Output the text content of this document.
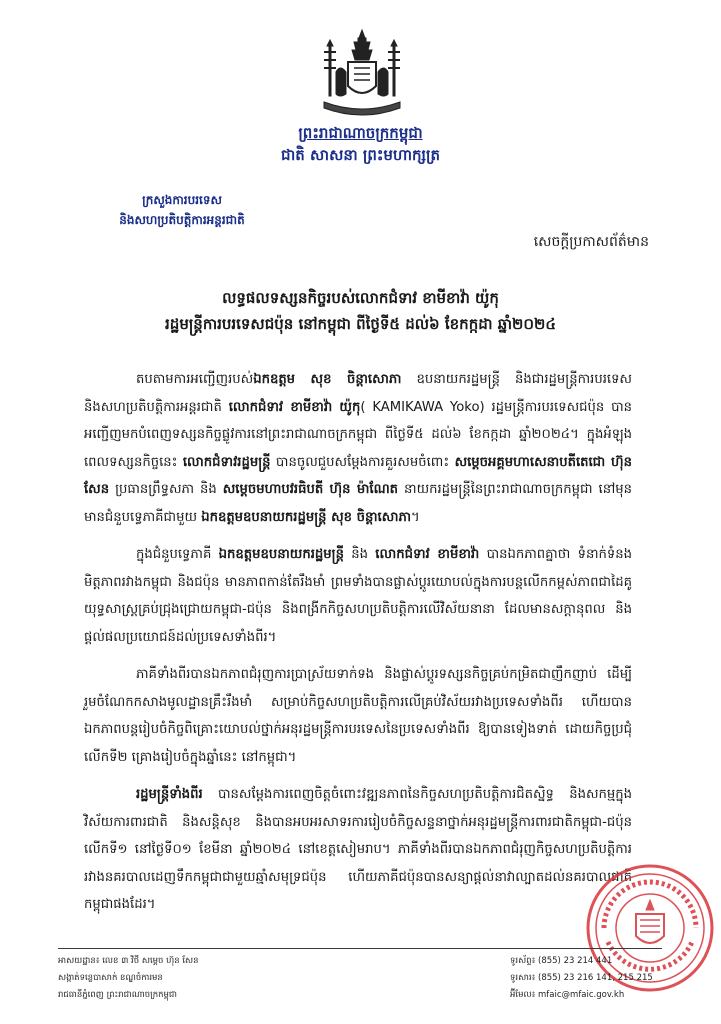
ព្រះរាជាណាចក្រកម្ពុជា
ជាតិ សាសនា ព្រះមហាក្សត្រ
ក្រសួងការបរទេស
និងសហប្រតិបត្តិការអន្តរជាតិ
សេចក្តីប្រកាសព័ត៌មាន
លទ្ធផលទស្សនកិច្ចរបស់លោកជំទាវ ខាមីខាវ៉ា យ៉ូកុ
រដ្ឋមន្ត្រីការបរទេសជប៉ុន នៅកម្ពុជា ពីថ្ងៃទី៥ ដល់៦ ខែកក្កដា ឆ្នាំ២០២៤

តបតាមការអញ្ជើញរបស់ឯកឧត្តម សុខ ចិន្ដាសោភា ឧបនាយករដ្ឋមន្ត្រី និងជារដ្ឋមន្ត្រីការបរទេស និងសហប្រតិបត្តិការអន្តរជាតិ លោកជំទាវ ខាមីខាវ៉ា យ៉ូកុ( KAMIKAWA Yoko) រដ្ឋមន្ត្រីការបរទេសជប៉ុន បានអញ្ជើញមកបំពេញទស្សនកិច្ចផ្លូវការនៅព្រះរាជាណាចក្រកម្ពុជា ពីថ្ងៃទី៥ ដល់៦ ខែកក្កដា ឆ្នាំ២០២៤។ ក្នុងអំឡុងពេលទស្សនកិច្ចនេះ លោកជំទាវរដ្ឋមន្ត្រី បានចូលជួបសម្ដែងការគួរសមចំពោះ សម្ដេចអគ្គមហាសេនាបតីតេជោ ហ៊ុន សែន ប្រធានព្រឹទ្ធសភា និង សម្ដេចមហាបវរធិបតី ហ៊ុន ម៉ាណែត នាយករដ្ឋមន្ត្រីនៃព្រះរាជាណាចក្រកម្ពុជា នៅមុនមានជំនួបទ្វេភាគីជាមួយ ឯកឧត្តមឧបនាយករដ្ឋមន្ត្រី សុខ ចិន្ដាសោភា។

ក្នុងជំនួបទ្វេភាគី ឯកឧត្តមឧបនាយករដ្ឋមន្ត្រី និង លោកជំទាវ ខាមីខាវ៉ា បានឯកភាពគ្នាថា ទំនាក់ទំនងមិត្តភាពរវាងកម្ពុជា និងជប៉ុន មានភាពកាន់តែរឹងមាំ ព្រមទាំងបានផ្លាស់ប្តូរយោបល់ក្នុងការបន្តលើកកម្ពស់ភាពជាដៃគូយុទ្ធសាស្ត្រគ្រប់ជ្រុងជ្រោយកម្ពុជា-ជប៉ុន និងពង្រីកកិច្ចសហប្រតិបត្តិការលើវិស័យនានា ដែលមានសក្តានុពល និងផ្តល់ផលប្រយោជន៍ដល់ប្រទេសទាំងពីរ។

ភាគីទាំងពីរបានឯកភាពជំរុញការប្រាស្រ័យទាក់ទង និងផ្លាស់ប្តូរទស្សនកិច្ចគ្រប់កម្រិតជាញឹកញាប់ ដើម្បីរួមចំណែកកសាងមូលដ្ឋានគ្រឹះរឹងមាំ សម្រាប់កិច្ចសហប្រតិបត្តិការលើគ្រប់វិស័យរវាងប្រទេសទាំងពីរ ហើយបានឯកភាពបន្តរៀបចំកិច្ចពិគ្រោះយោបល់ថ្នាក់អនុរដ្ឋមន្ត្រីការបរទេសនៃប្រទេសទាំងពីរ ឱ្យបានទៀងទាត់ ដោយកិច្ចប្រជុំលើកទី២ គ្រោងរៀបចំក្នុងឆ្នាំនេះ នៅកម្ពុជា។

រដ្ឋមន្ត្រីទាំងពីរ បានសម្តែងការពេញចិត្តចំពោះវឌ្ឍនភាពនៃកិច្ចសហប្រតិបត្តិការជិតស្និទ្ធ និងសកម្មក្នុងវិស័យការពារជាតិ និងសន្តិសុខ និងបានអបអរសាទរការរៀបចំកិច្ចសន្ទនាថ្នាក់អនុរដ្ឋមន្ត្រីការពារជាតិកម្ពុជា-ជប៉ុន លើកទី១ នៅថ្ងៃទី០១ ខែមីនា ឆ្នាំ២០២៤ នៅខេត្តសៀមរាប។ ភាគីទាំងពីរបានឯកភាពជំរុញកិច្ចសហប្រតិបត្តិការរវាងនគរបាលដេញទឹកកម្ពុជាជាមួយឆ្មាំសមុទ្រជប៉ុន ហើយភាគីជប៉ុនបានសន្យាផ្តល់នាវាល្បាតដល់នគរបាលជាតិកម្ពុជាផងដែរ។

អាសយដ្ឋាន៖ លេខ ៣ វិថី សម្ដេច ហ៊ុន សែន
សង្កាត់ទន្លេបាសាក់ ខណ្ឌចំការមន
រាជធានីភ្នំពេញ ព្រះរាជាណាចក្រកម្ពុជា
ទូរស័ព្ទ៖ (855) 23 214 441
ទូរសារ៖ (855) 23 216 141, 215 215
អ៊ីមែល៖ mfaic@mfaic.gov.kh
